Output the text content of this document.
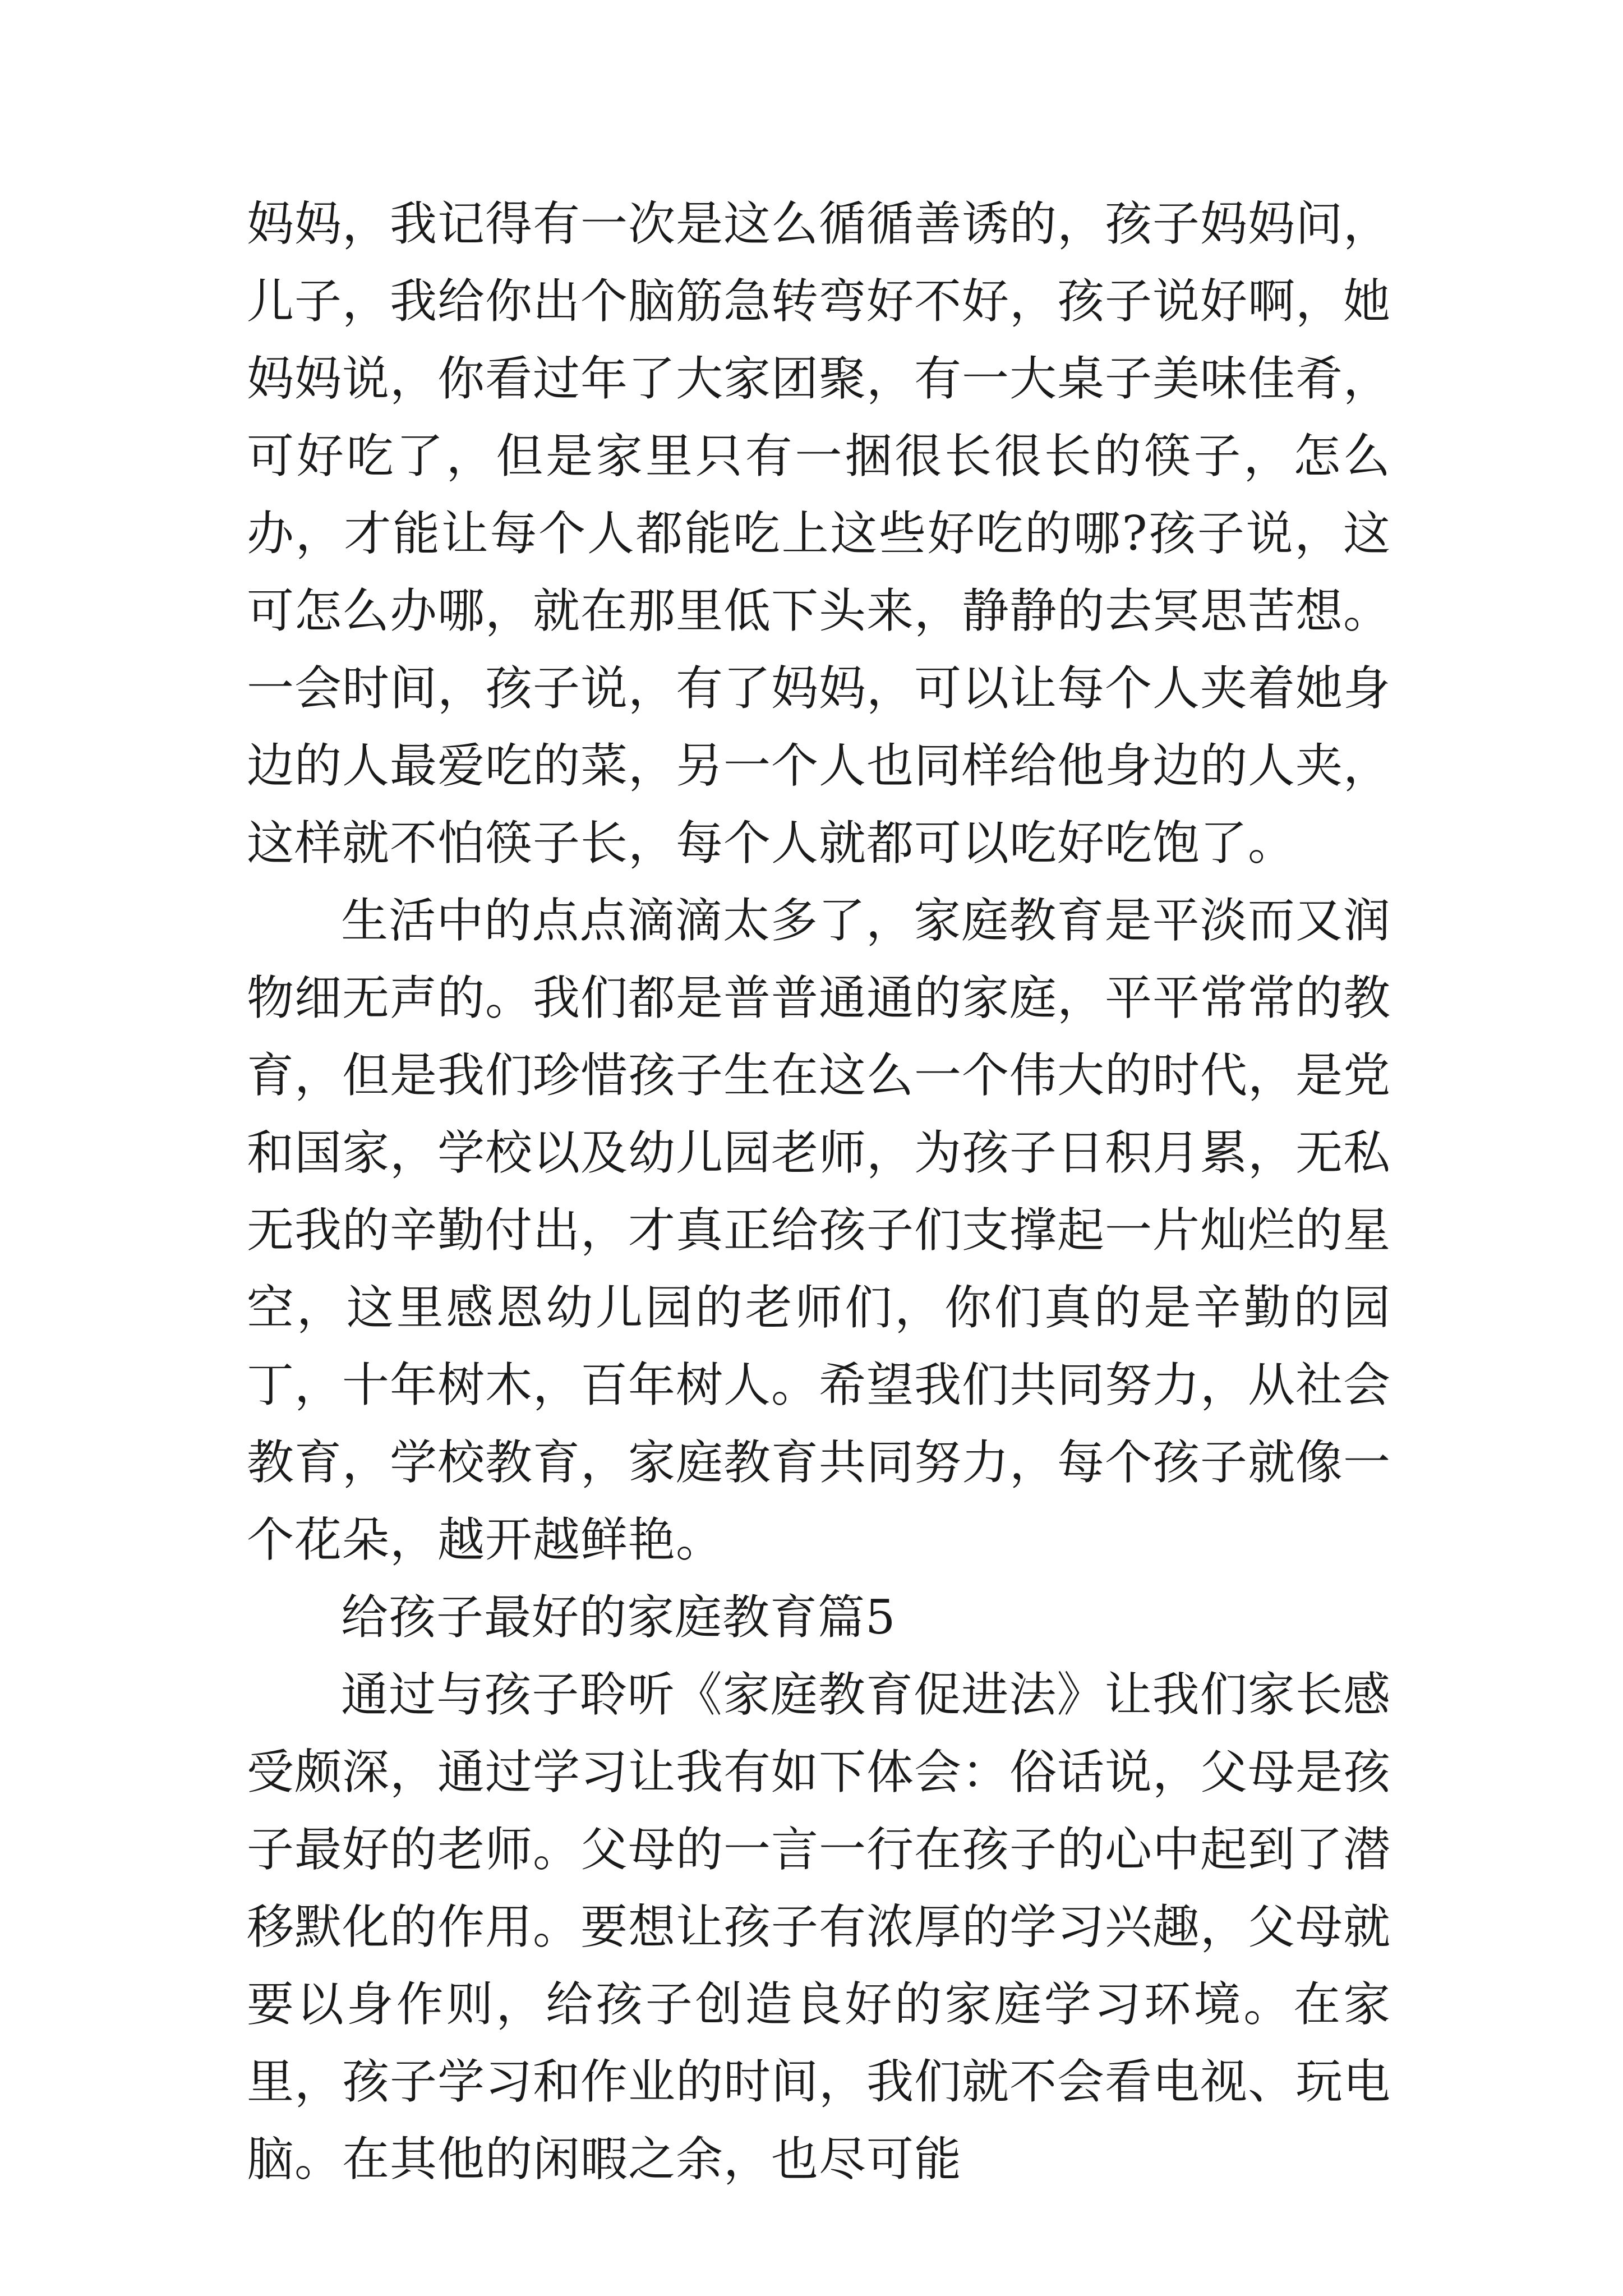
妈妈，我记得有一次是这么循循善诱的，孩子妈妈问，儿子，我给你出个脑筋急转弯好不好，孩子说好啊，她妈妈说，你看过年了大家团聚，有一大桌子美味佳肴，可好吃了，但是家里只有一捆很长很长的筷子，怎么办，才能让每个人都能吃上这些好吃的哪?孩子说，这可怎么办哪，就在那里低下头来，静静的去冥思苦想。一会时间，孩子说，有了妈妈，可以让每个人夹着她身边的人最爱吃的菜，另一个人也同样给他身边的人夹，这样就不怕筷子长，每个人就都可以吃好吃饱了。

生活中的点点滴滴太多了，家庭教育是平淡而又润物细无声的。我们都是普普通通的家庭，平平常常的教育，但是我们珍惜孩子生在这么一个伟大的时代，是党和国家，学校以及幼儿园老师，为孩子日积月累，无私无我的辛勤付出，才真正给孩子们支撑起一片灿烂的星空，这里感恩幼儿园的老师们，你们真的是辛勤的园丁，十年树木，百年树人。希望我们共同努力，从社会教育，学校教育，家庭教育共同努力，每个孩子就像一个花朵，越开越鲜艳。

给孩子最好的家庭教育篇5

通过与孩子聆听《家庭教育促进法》让我们家长感受颇深，通过学习让我有如下体会：俗话说，父母是孩子最好的老师。父母的一言一行在孩子的心中起到了潜移默化的作用。要想让孩子有浓厚的学习兴趣，父母就要以身作则，给孩子创造良好的家庭学习环境。在家里，孩子学习和作业的时间，我们就不会看电视、玩电脑。在其他的闲暇之余，也尽可能
